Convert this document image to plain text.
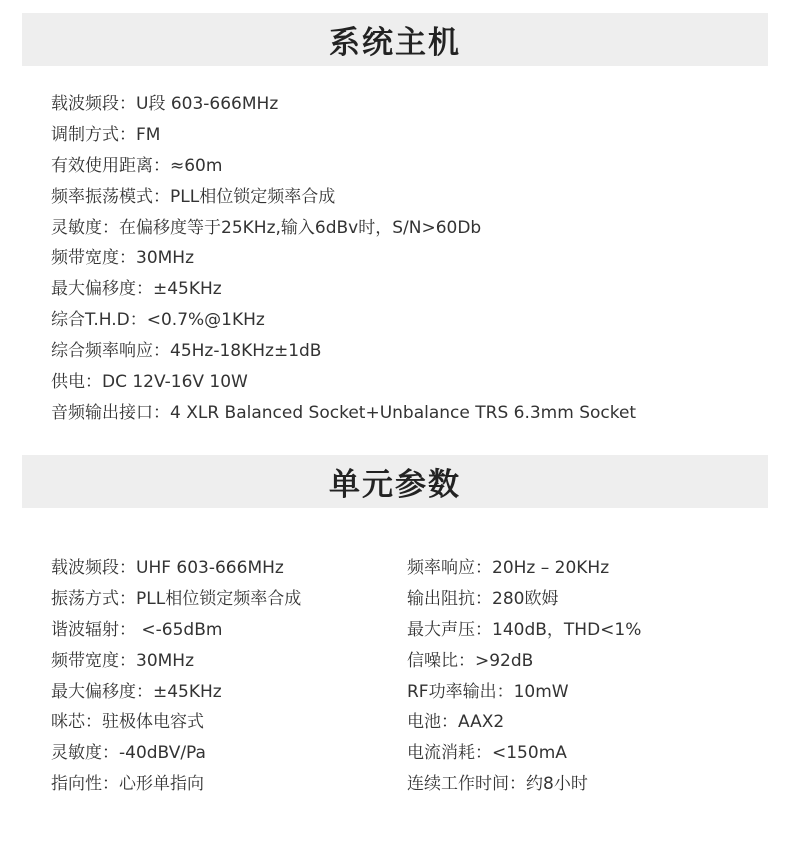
系统主机
载波频段：U段 603-666MHz
调制方式：FM
有效使用距离：≈60m
频率振荡模式：PLL相位锁定频率合成
灵敏度：在偏移度等于25KHz,输入6dBv时，S/N>60Db
频带宽度：30MHz
最大偏移度：±45KHz
综合T.H.D：<0.7%@1KHz
综合频率响应：45Hz-18KHz±1dB
供电：DC 12V-16V 10W
音频输出接口：4 XLR Balanced Socket+Unbalance TRS 6.3mm Socket
单元参数
载波频段：UHF 603-666MHz
振荡方式：PLL相位锁定频率合成
谐波辐射： <-65dBm
频带宽度：30MHz
最大偏移度：±45KHz
咪芯：驻极体电容式
灵敏度：-40dBV/Pa
指向性：心形单指向
频率响应：20Hz – 20KHz
输出阻抗：280欧姆
最大声压：140dB，THD<1%
信噪比：>92dB
RF功率输出：10mW
电池：AAX2
电流消耗：<150mA
连续工作时间：约8小时
